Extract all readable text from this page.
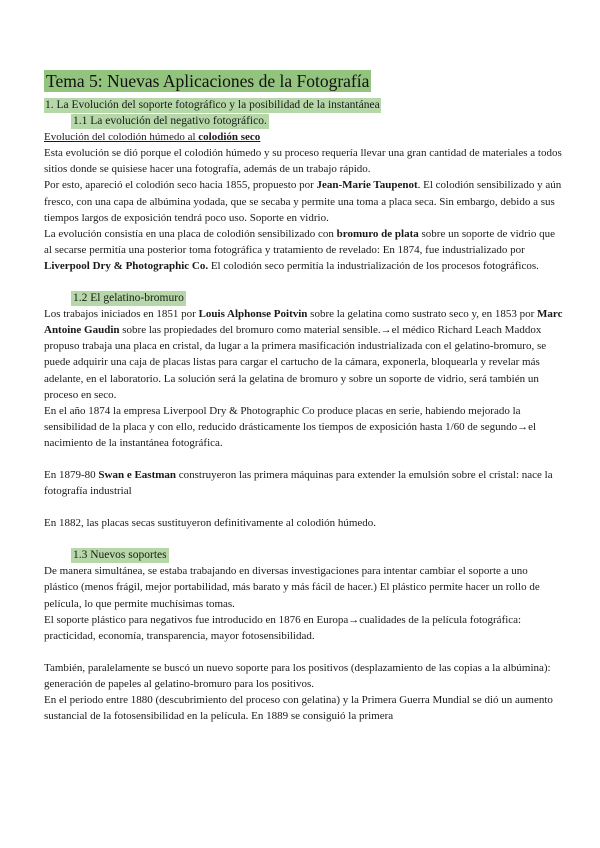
Tema 5: Nuevas Aplicaciones de la Fotografía
1. La Evolución del soporte fotográfico y la posibilidad de la instantánea
1.1 La evolución del negativo fotográfico.

Evolución del colodión húmedo al colodión seco

Esta evolución se dió porque el colodión húmedo y su proceso requería llevar una gran cantidad de materiales a todos sitios donde se quisiese hacer una fotografía, además de un trabajo rápido.

Por esto, apareció el colodión seco hacia 1855, propuesto por Jean-Marie Taupenot. El colodión sensibilizado y aún fresco, con una capa de albúmina yodada, que se secaba y permite una toma a placa seca. Sin embargo, debido a sus tiempos largos de exposición tendrá poco uso. Soporte en vidrio.

La evolución consistía en una placa de colodión sensibilizado con bromuro de plata sobre un soporte de vidrio que al secarse permitía una posterior toma fotográfica y tratamiento de revelado: En 1874, fue industrializado por Liverpool Dry & Photographic Co. El colodión seco permitía la industrialización de los procesos fotográficos.

1.2 El gelatino-bromuro

Los trabajos iniciados en 1851 por Louis Alphonse Poitvin sobre la gelatina como sustrato seco y, en 1853 por Marc Antoine Gaudin sobre las propiedades del bromuro como material sensible.→el médico Richard Leach Maddox propuso trabaja una placa en cristal, da lugar a la primera masificación industrializada con el gelatino-bromuro, se puede adquirir una caja de placas listas para cargar el cartucho de la cámara, exponerla, bloquearla y revelar más adelante, en el laboratorio. La solución será la gelatina de bromuro y sobre un soporte de vidrio, será también un proceso en seco.

En el año 1874 la empresa Liverpool Dry & Photographic Co produce placas en serie, habiendo mejorado la sensibilidad de la placa y con ello, reducido drásticamente los tiempos de exposición hasta 1/60 de segundo→el nacimiento de la instantánea fotográfica.

En 1879-80 Swan e Eastman construyeron las primera máquinas para extender la emulsión sobre el cristal: nace la fotografía industrial

En 1882, las placas secas sustituyeron definitivamente al colodión húmedo.

1.3 Nuevos soportes

De manera simultánea, se estaba trabajando en diversas investigaciones para intentar cambiar el soporte a uno plástico (menos frágil, mejor portabilidad, más barato y más fácil de hacer.) El plástico permite hacer un rollo de película, lo que permite muchísimas tomas.

El soporte plástico para negativos fue introducido en 1876 en Europa→cualidades de la película fotográfica: practicidad, economía, transparencia, mayor fotosensibilidad.

También, paralelamente se buscó un nuevo soporte para los positivos (desplazamiento de las copias a la albúmina): generación de papeles al gelatino-bromuro para los positivos.

En el periodo entre 1880 (descubrimiento del proceso con gelatina) y la Primera Guerra Mundial se dió un aumento sustancial de la fotosensibilidad en la película. En 1889 se consiguió la primera
